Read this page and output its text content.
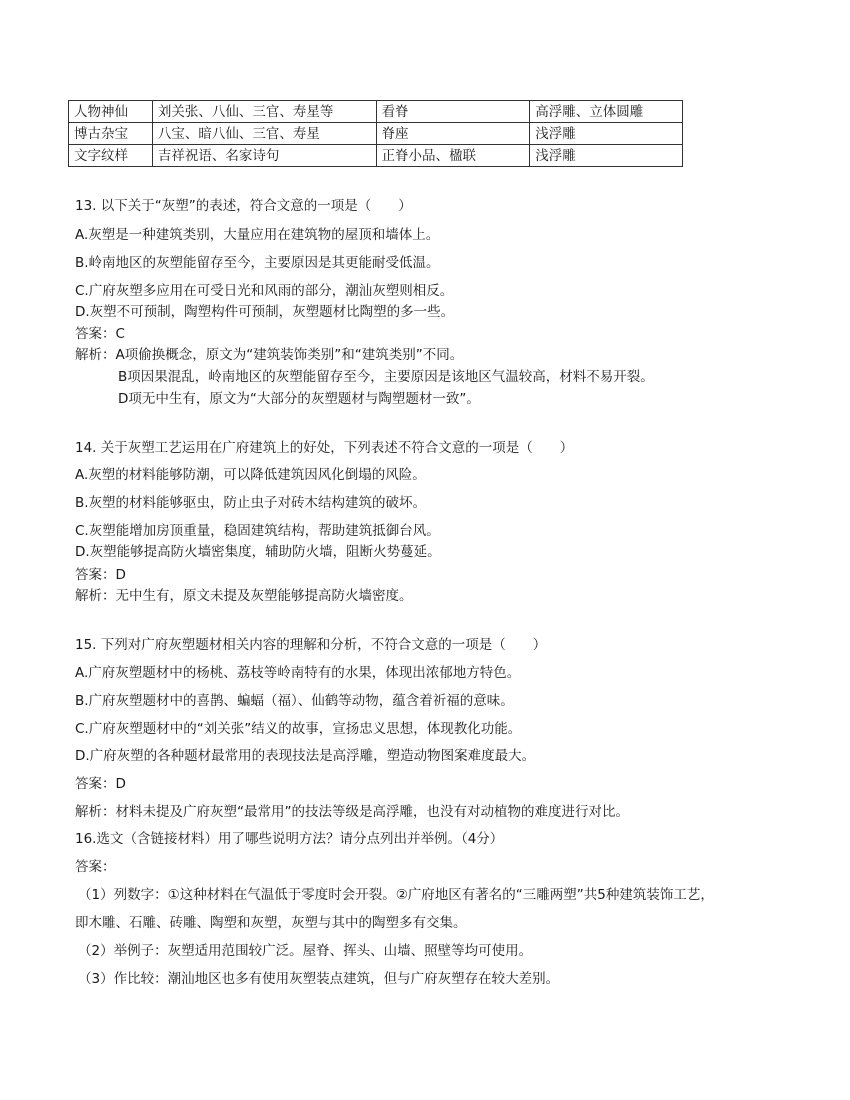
人物神仙	刘关张、八仙、三官、寿星等	看脊	高浮雕、立体圆雕
博古杂宝	八宝、暗八仙、三官、寿星	脊座	浅浮雕
文字纹样	吉祥祝语、名家诗句	正脊小品、楹联	浅浮雕
13. 以下关于“灰塑”的表述，符合文意的一项是（　　）
A.灰塑是一种建筑类别，大量应用在建筑物的屋顶和墙体上。
B.岭南地区的灰塑能留存至今，主要原因是其更能耐受低温。
C.广府灰塑多应用在可受日光和风雨的部分，潮汕灰塑则相反。
D.灰塑不可预制，陶塑构件可预制，灰塑题材比陶塑的多一些。
答案：C
解析：A项偷换概念，原文为“建筑装饰类别”和“建筑类别”不同。
B项因果混乱，岭南地区的灰塑能留存至今，主要原因是该地区气温较高，材料不易开裂。
D项无中生有，原文为“大部分的灰塑题材与陶塑题材一致”。
14. 关于灰塑工艺运用在广府建筑上的好处，下列表述不符合文意的一项是（　　）
A.灰塑的材料能够防潮，可以降低建筑因风化倒塌的风险。
B.灰塑的材料能够驱虫，防止虫子对砖木结构建筑的破坏。
C.灰塑能增加房顶重量，稳固建筑结构，帮助建筑抵御台风。
D.灰塑能够提高防火墙密集度，辅助防火墙，阻断火势蔓延。
答案：D
解析：无中生有，原文未提及灰塑能够提高防火墙密度。
15. 下列对广府灰塑题材相关内容的理解和分析，不符合文意的一项是（　　）
A.广府灰塑题材中的杨桃、荔枝等岭南特有的水果，体现出浓郁地方特色。
B.广府灰塑题材中的喜鹊、蝙蝠（福）、仙鹤等动物，蕴含着祈福的意味。
C.广府灰塑题材中的“刘关张”结义的故事，宣扬忠义思想，体现教化功能。
D.广府灰塑的各种题材最常用的表现技法是高浮雕，塑造动物图案难度最大。
答案：D
解析：材料未提及广府灰塑“最常用”的技法等级是高浮雕，也没有对动植物的难度进行对比。
16.选文（含链接材料）用了哪些说明方法？请分点列出并举例。（4分）
答案：
（1）列数字：①这种材料在气温低于零度时会开裂。②广府地区有著名的“三雕两塑”共5种建筑装饰工艺，
即木雕、石雕、砖雕、陶塑和灰塑，灰塑与其中的陶塑多有交集。
（2）举例子：灰塑适用范围较广泛。屋脊、挥头、山墙、照壁等均可使用。
（3）作比较：潮汕地区也多有使用灰塑装点建筑，但与广府灰塑存在较大差别。
